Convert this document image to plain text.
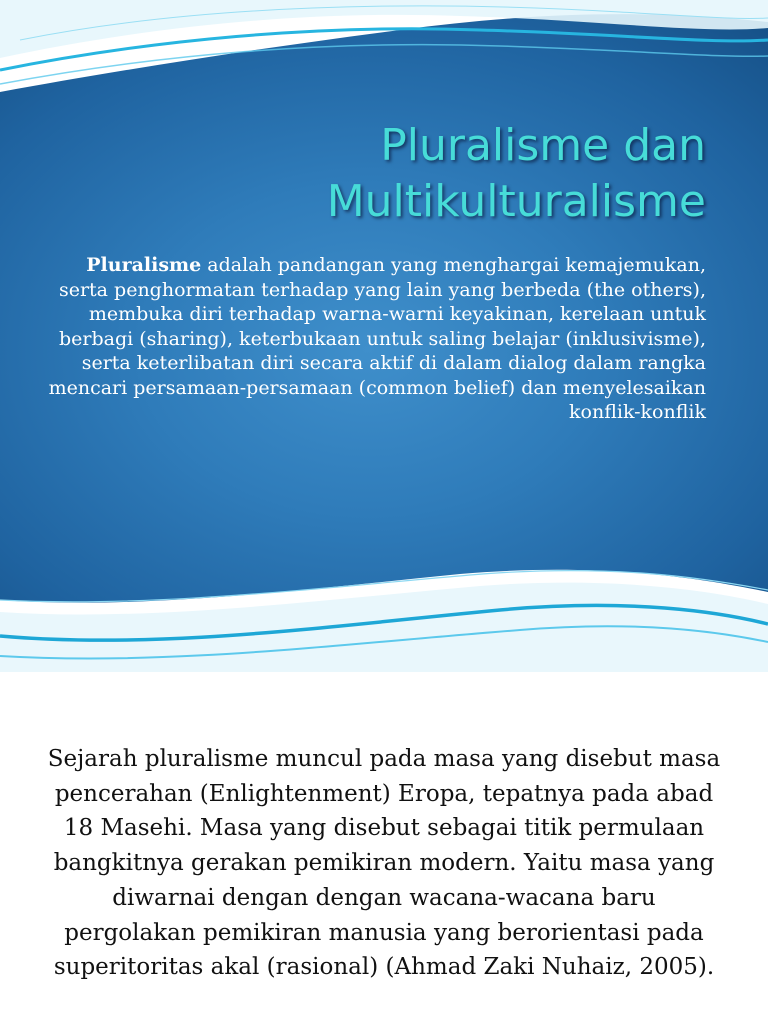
Pluralisme dan
Multikulturalisme
Pluralisme adalah pandangan yang menghargai kemajemukan, serta penghormatan terhadap yang lain yang berbeda (the others), membuka diri terhadap warna-warni keyakinan, kerelaan untuk berbagi (sharing), keterbukaan untuk saling belajar (inklusivisme), serta keterlibatan diri secara aktif di dalam dialog dalam rangka mencari persamaan-persamaan (common belief) dan menyelesaikan konflik-konflik
Sejarah pluralisme muncul pada masa yang disebut masa pencerahan (Enlightenment) Eropa, tepatnya pada abad 18 Masehi. Masa yang disebut sebagai titik permulaan bangkitnya gerakan pemikiran modern. Yaitu masa yang diwarnai dengan dengan wacana-wacana baru pergolakan pemikiran manusia yang berorientasi pada superitoritas akal (rasional) (Ahmad Zaki Nuhaiz, 2005).
